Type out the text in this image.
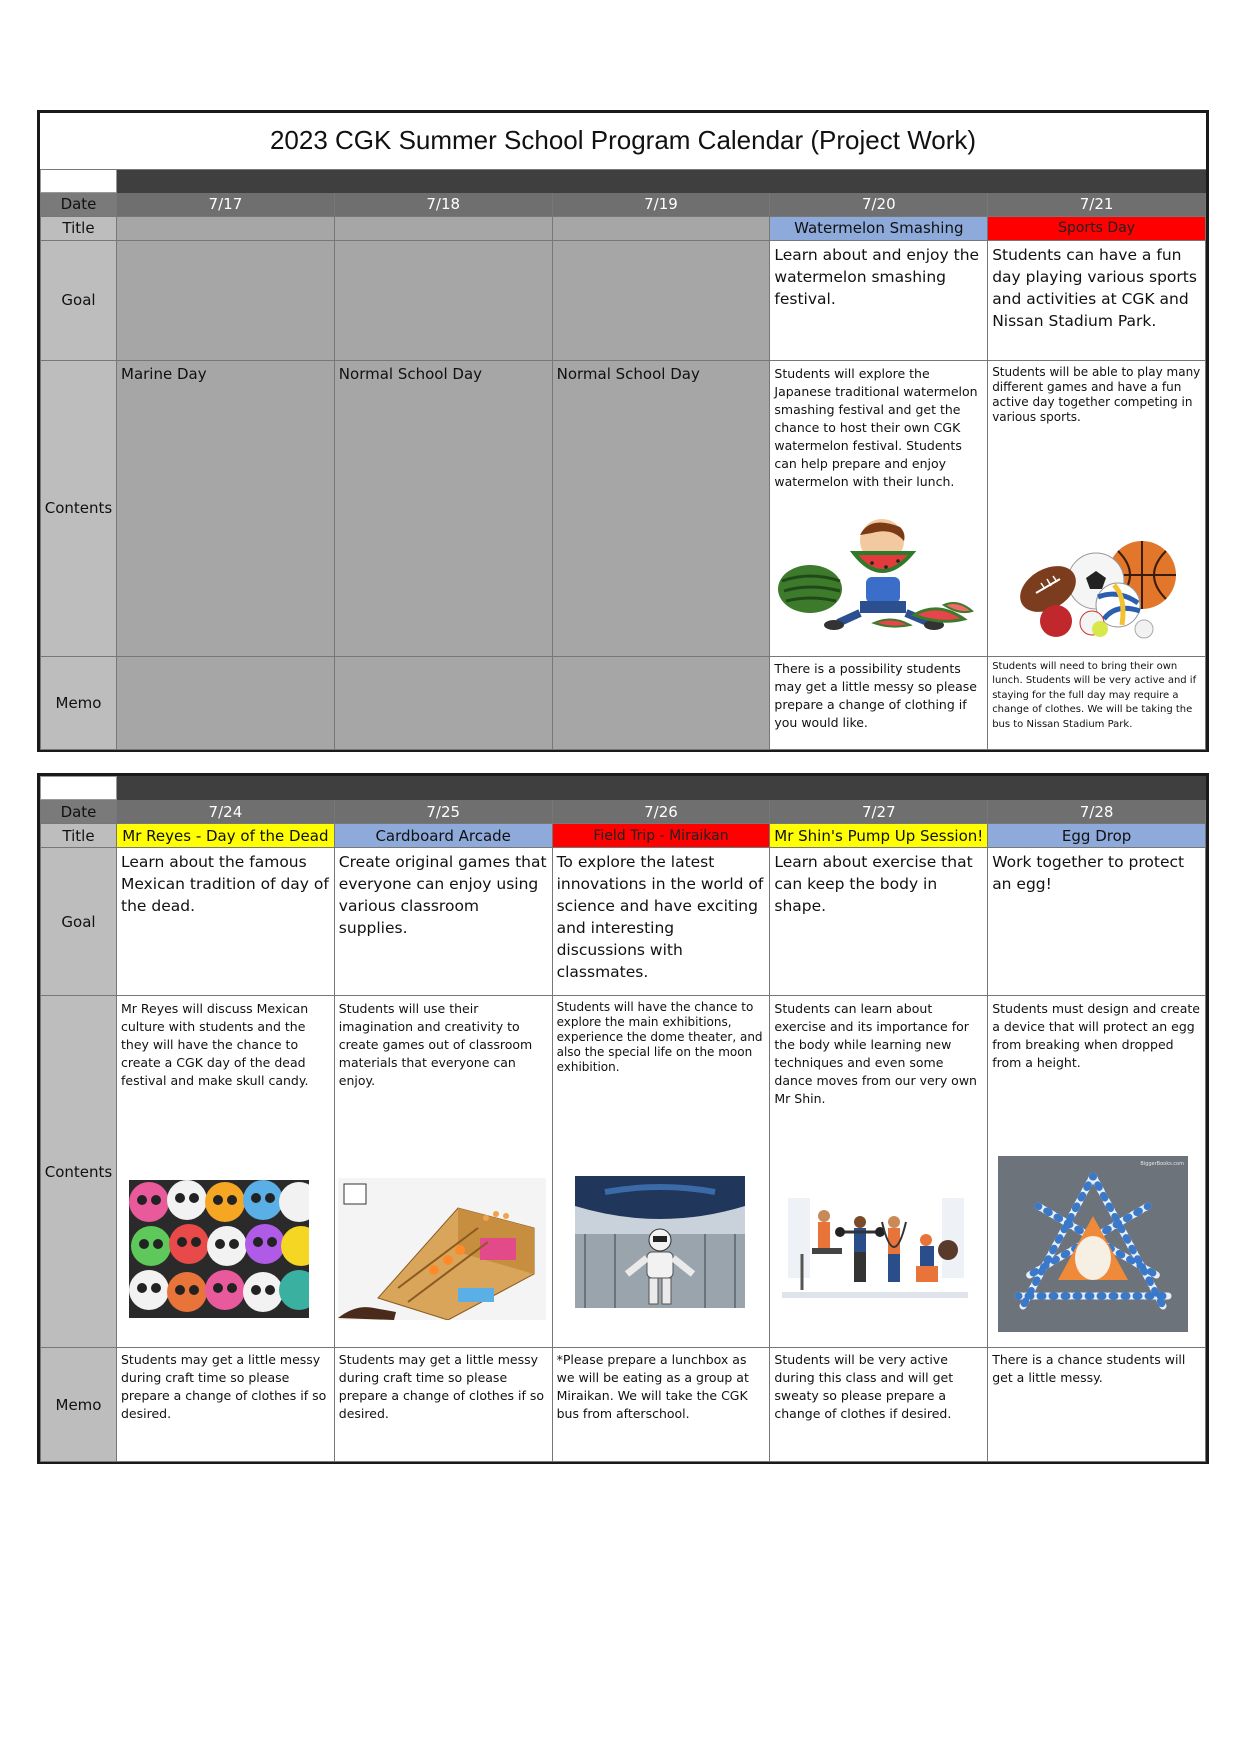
2023 CGK Summer School Program Calendar (Project Work)					

Date	7/17	7/18	7/19	7/20	7/21
Title				Watermelon Smashing	Sports Day
Goal				Learn about and enjoy the watermelon smashing festival.	Students can have a fun day playing various sports and activities at CGK and Nissan Stadium Park.
Contents	Marine Day	Normal School Day	Normal School Day	Students will explore the Japanese traditional watermelon smashing festival and get the chance to host their own CGK watermelon festival. Students can help prepare and enjoy watermelon with their lunch.	Students will be able to play many different games and have a fun active day together competing in various sports.

Memo				There is a possibility students may get a little messy so please prepare a change of clothing if you would like.	Students will need to bring their own lunch. Students will be very active and if staying for the full day may require a change of clothes. We will be taking the bus to Nissan Stadium Park.

Date	7/24	7/25	7/26	7/27	7/28
Title	Mr Reyes - Day of the Dead	Cardboard Arcade	Field Trip - Miraikan	Mr Shin's Pump Up Session!	Egg Drop
Goal	Learn about the famous Mexican tradition of day of the dead.	Create original games that everyone can enjoy using various classroom supplies.	To explore the latest innovations in the world of science and have exciting and interesting discussions with classmates.	Learn about exercise that can keep the body in shape.	Work together to protect an egg!
Contents	Mr Reyes will discuss Mexican culture with students and the they will have the chance to create a CGK day of the dead festival and make skull candy.	Students will use their imagination and creativity to create games out of classroom materials that everyone can enjoy.	Students will have the chance to explore the main exhibitions, experience the dome theater, and also the special life on the moon exhibition.	Students can learn about exercise and its importance for the body while learning new techniques and even some dance moves from our very own Mr Shin.	Students must design and create a device that will protect an egg from breaking when dropped from a height.
BiggerBooks.com

Memo	Students may get a little messy during craft time so please prepare a change of clothes if so desired.	Students may get a little messy during craft time so please prepare a change of clothes if so desired.	*Please prepare a lunchbox as we will be eating as a group at Miraikan. We will take the CGK bus from afterschool.	Students will be very active during this class and will get sweaty so please prepare a change of clothes if desired.	There is a chance students will get a little messy.
